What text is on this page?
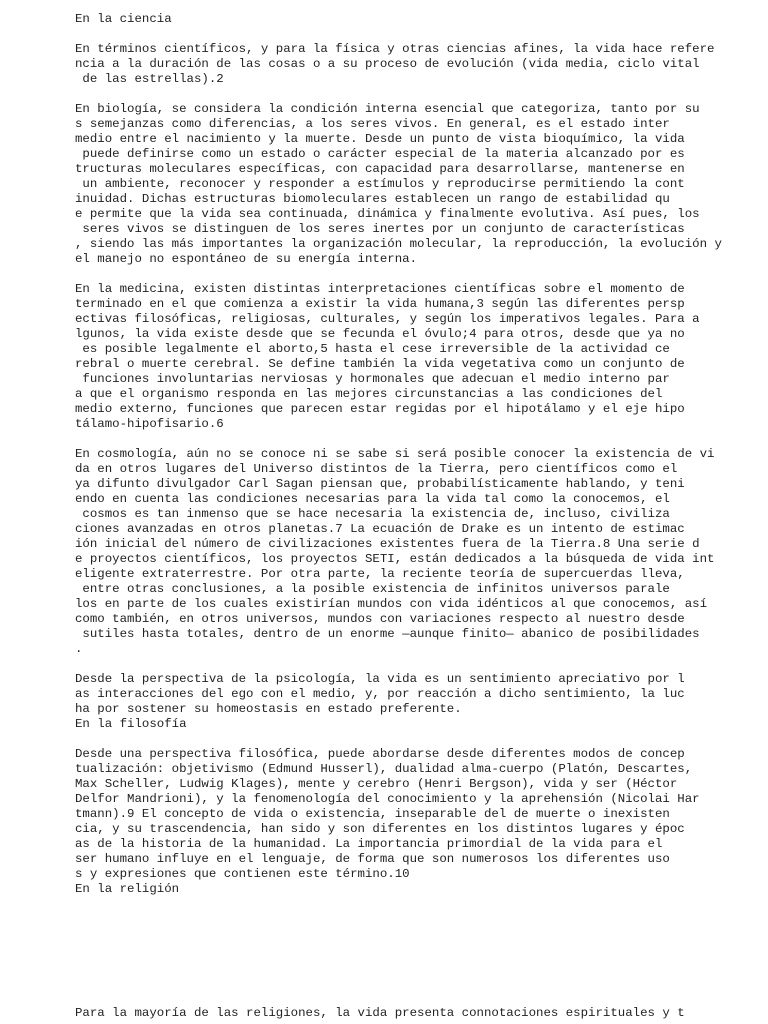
En la ciencia
En términos científicos, y para la física y otras ciencias afines, la vida hace refere
ncia a la duración de las cosas o a su proceso de evolución (vida media, ciclo vital
de las estrellas).2
En biología, se considera la condición interna esencial que categoriza, tanto por su
s semejanzas como diferencias, a los seres vivos. En general, es el estado inter
medio entre el nacimiento y la muerte. Desde un punto de vista bioquímico, la vida
puede definirse como un estado o carácter especial de la materia alcanzado por es
tructuras moleculares específicas, con capacidad para desarrollarse, mantenerse en
un ambiente, reconocer y responder a estímulos y reproducirse permitiendo la cont
inuidad. Dichas estructuras biomoleculares establecen un rango de estabilidad qu
e permite que la vida sea continuada, dinámica y finalmente evolutiva. Así pues, los
seres vivos se distinguen de los seres inertes por un conjunto de características
, siendo las más importantes la organización molecular, la reproducción, la evolución y
el manejo no espontáneo de su energía interna.
En la medicina, existen distintas interpretaciones científicas sobre el momento de
terminado en el que comienza a existir la vida humana,3 según las diferentes persp
ectivas filosóficas, religiosas, culturales, y según los imperativos legales. Para a
lgunos, la vida existe desde que se fecunda el óvulo;4 para otros, desde que ya no
es posible legalmente el aborto,5 hasta el cese irreversible de la actividad ce
rebral o muerte cerebral. Se define también la vida vegetativa como un conjunto de
funciones involuntarias nerviosas y hormonales que adecuan el medio interno par
a que el organismo responda en las mejores circunstancias a las condiciones del
medio externo, funciones que parecen estar regidas por el hipotálamo y el eje hipo
tálamo-hipofisario.6
En cosmología, aún no se conoce ni se sabe si será posible conocer la existencia de vi
da en otros lugares del Universo distintos de la Tierra, pero científicos como el
ya difunto divulgador Carl Sagan piensan que, probabilísticamente hablando, y teni
endo en cuenta las condiciones necesarias para la vida tal como la conocemos, el
cosmos es tan inmenso que se hace necesaria la existencia de, incluso, civiliza
ciones avanzadas en otros planetas.7 La ecuación de Drake es un intento de estimac
ión inicial del número de civilizaciones existentes fuera de la Tierra.8 Una serie d
e proyectos científicos, los proyectos SETI, están dedicados a la búsqueda de vida int
eligente extraterrestre. Por otra parte, la reciente teoría de supercuerdas lleva,
entre otras conclusiones, a la posible existencia de infinitos universos parale
los en parte de los cuales existirían mundos con vida idénticos al que conocemos, así
como también, en otros universos, mundos con variaciones respecto al nuestro desde
sutiles hasta totales, dentro de un enorme —aunque finito— abanico de posibilidades
.
Desde la perspectiva de la psicología, la vida es un sentimiento apreciativo por l
as interacciones del ego con el medio, y, por reacción a dicho sentimiento, la luc
ha por sostener su homeostasis en estado preferente.
En la filosofía
Desde una perspectiva filosófica, puede abordarse desde diferentes modos de concep
tualización: objetivismo (Edmund Husserl), dualidad alma-cuerpo (Platón, Descartes,
Max Scheller, Ludwig Klages), mente y cerebro (Henri Bergson), vida y ser (Héctor
Delfor Mandrioni), y la fenomenología del conocimiento y la aprehensión (Nicolai Har
tmann).9 El concepto de vida o existencia, inseparable del de muerte o inexisten
cia, y su trascendencia, han sido y son diferentes en los distintos lugares y époc
as de la historia de la humanidad. La importancia primordial de la vida para el
ser humano influye en el lenguaje, de forma que son numerosos los diferentes uso
s y expresiones que contienen este término.10
En la religión
Para la mayoría de las religiones, la vida presenta connotaciones espirituales y t
